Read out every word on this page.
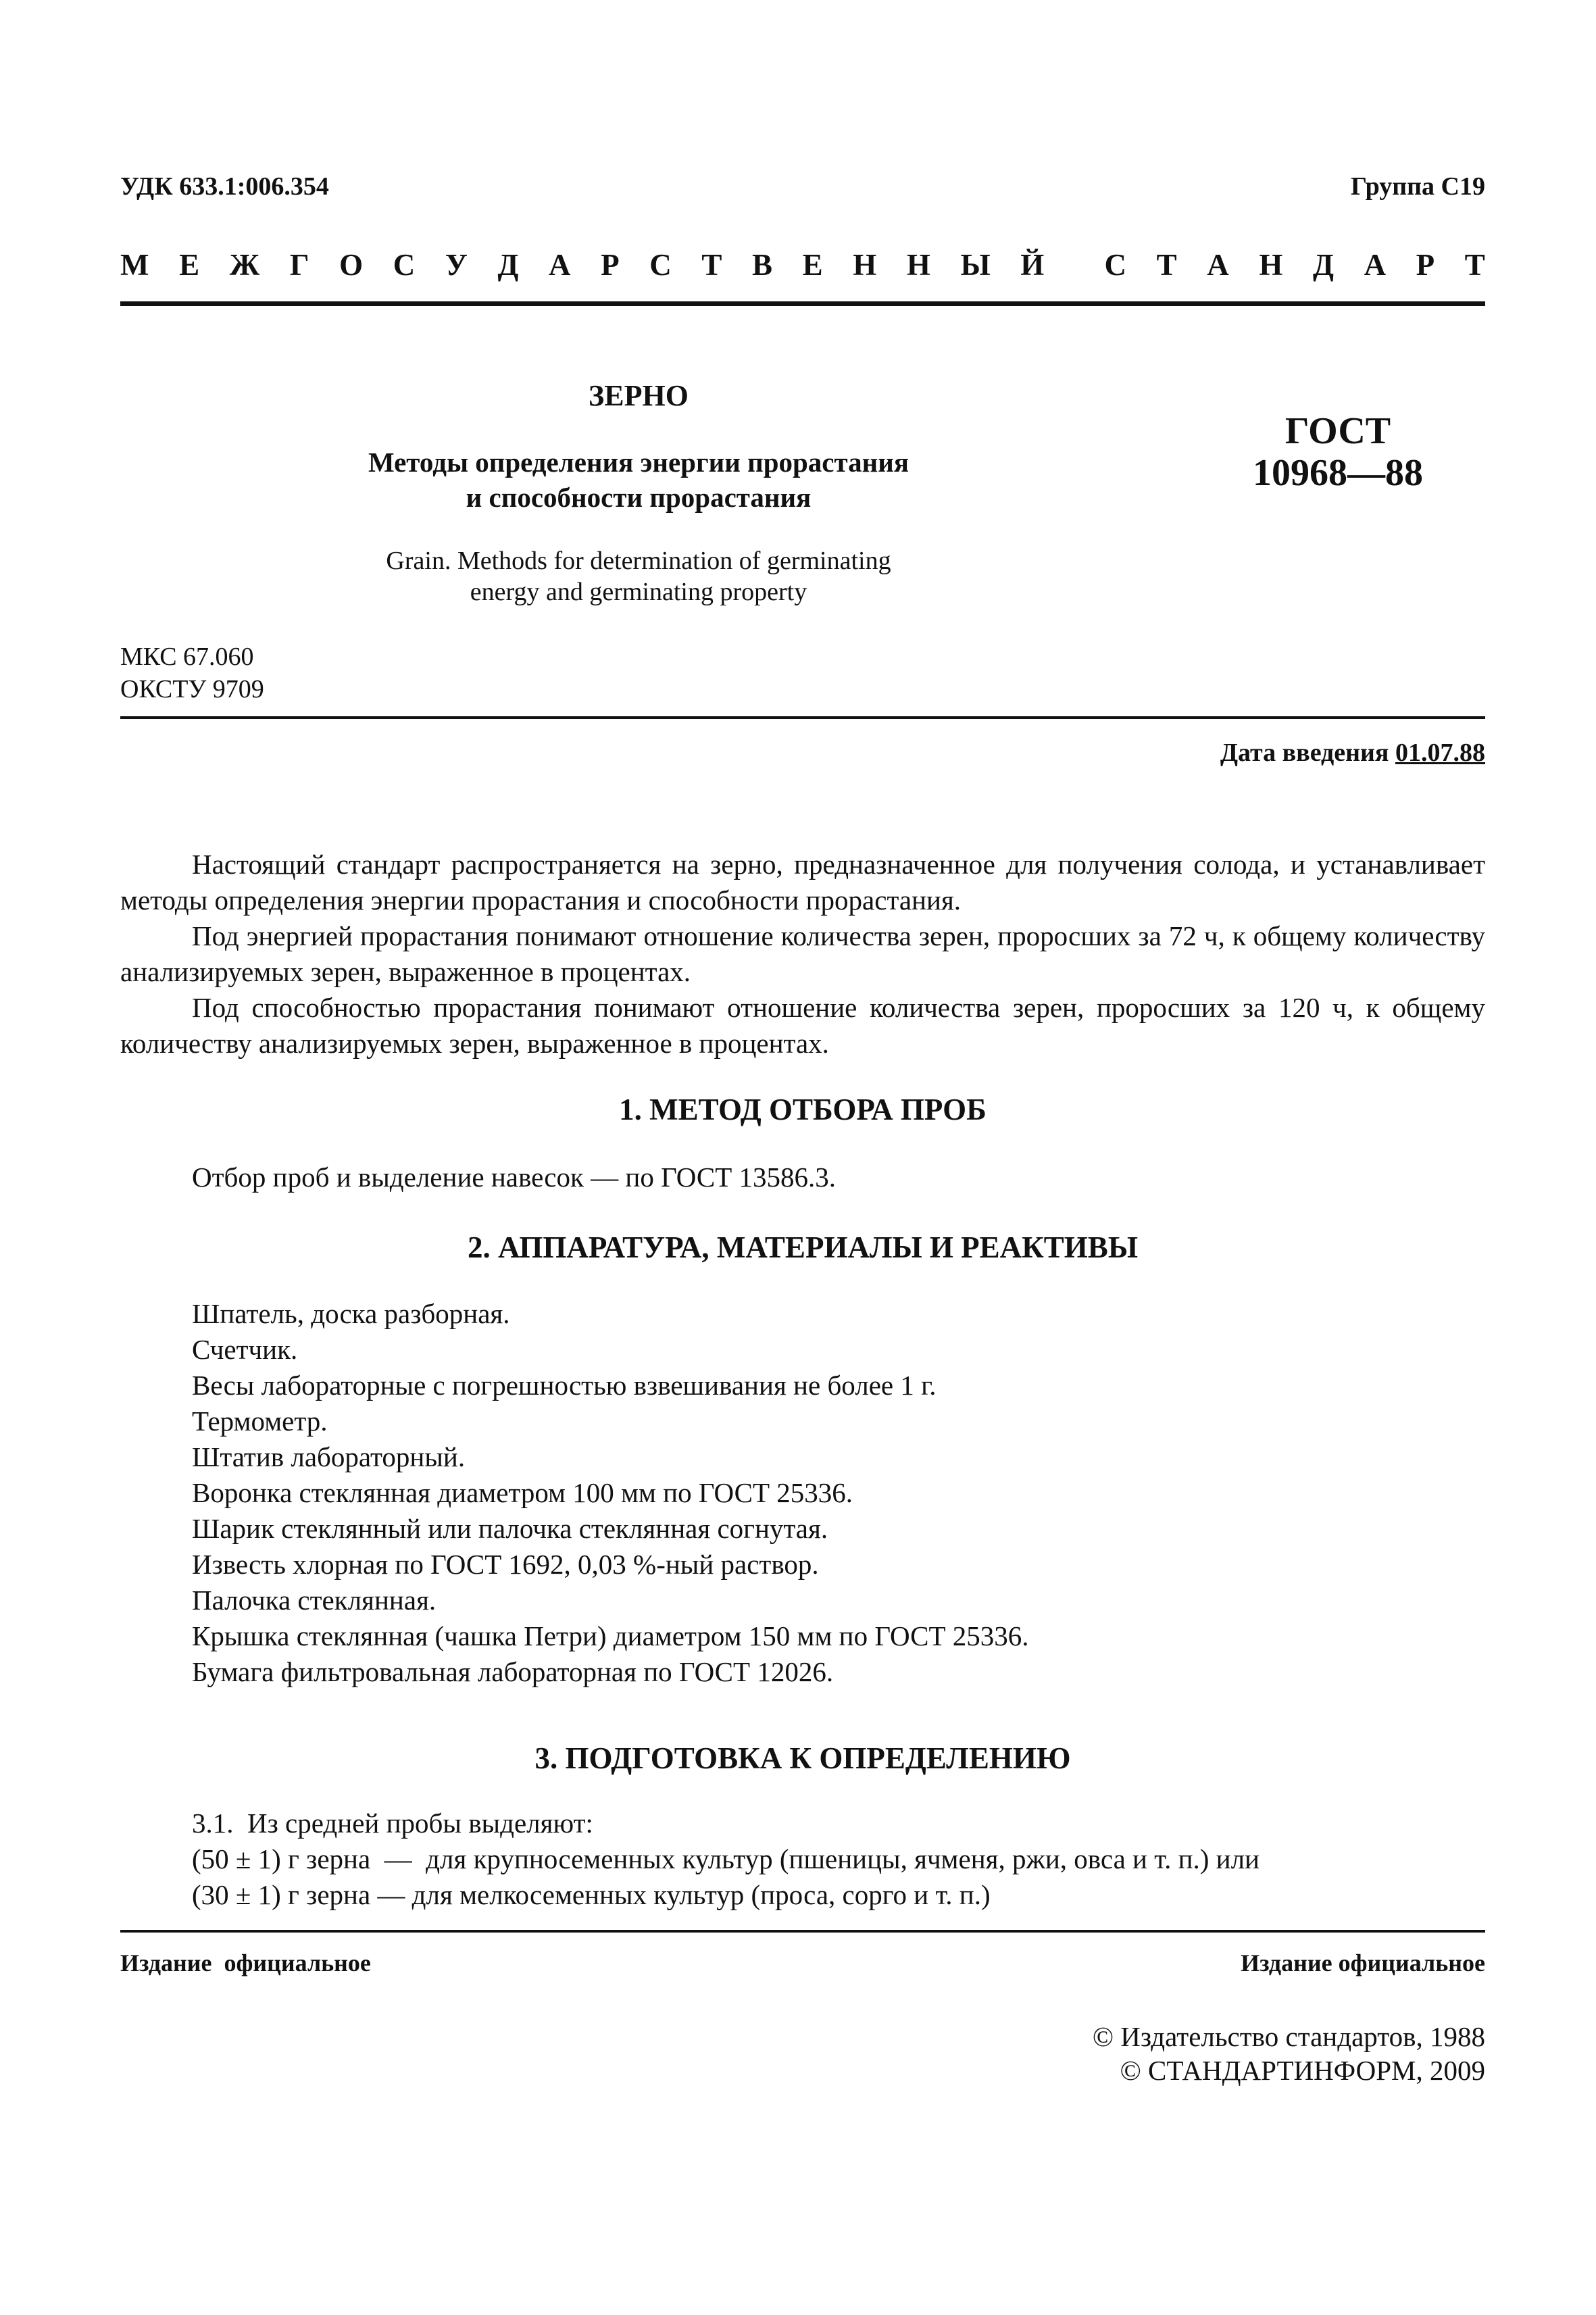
УДК 633.1:006.354	Группа С19
М Е Ж Г О С У Д А Р С Т В Е Н Н Ы Й С Т А Н Д А Р Т
ЗЕРНО
Методы определения энергии прорастания
и способности прорастания
Grain. Methods for determination of germinating
energy and germinating property
ГОСТ
10968—88
МКС 67.060
ОКСТУ 9709
Дата введения 01.07.88
Настоящий стандарт распространяется на зерно, предназначенное для получения солода, и устанавливает методы определения энергии прорастания и способности прорастания.
Под энергией прорастания понимают отношение количества зерен, проросших за 72 ч, к общему количеству анализируемых зерен, выраженное в процентах.
Под способностью прорастания понимают отношение количества зерен, проросших за 120 ч, к общему количеству анализируемых зерен, выраженное в процентах.
1. МЕТОД ОТБОРА ПРОБ
Отбор проб и выделение навесок — по ГОСТ 13586.3.
2. АППАРАТУРА, МАТЕРИАЛЫ И РЕАКТИВЫ
Шпатель, доска разборная.
Счетчик.
Весы лабораторные с погрешностью взвешивания не более 1 г.
Термометр.
Штатив лабораторный.
Воронка стеклянная диаметром 100 мм по ГОСТ 25336.
Шарик стеклянный или палочка стеклянная согнутая.
Известь хлорная по ГОСТ 1692, 0,03 %-ный раствор.
Палочка стеклянная.
Крышка стеклянная (чашка Петри) диаметром 150 мм по ГОСТ 25336.
Бумага фильтровальная лабораторная по ГОСТ 12026.
3. ПОДГОТОВКА К ОПРЕДЕЛЕНИЮ
3.1.  Из средней пробы выделяют:
(50 ± 1) г зерна  —  для крупносеменных культур (пшеницы, ячменя, ржи, овса и т. п.) или
(30 ± 1) г зерна — для мелкосеменных культур (проса, сорго и т. п.)
Издание  официальное	Издание официальное
© Издательство стандартов, 1988
© СТАНДАРТИНФОРМ, 2009
